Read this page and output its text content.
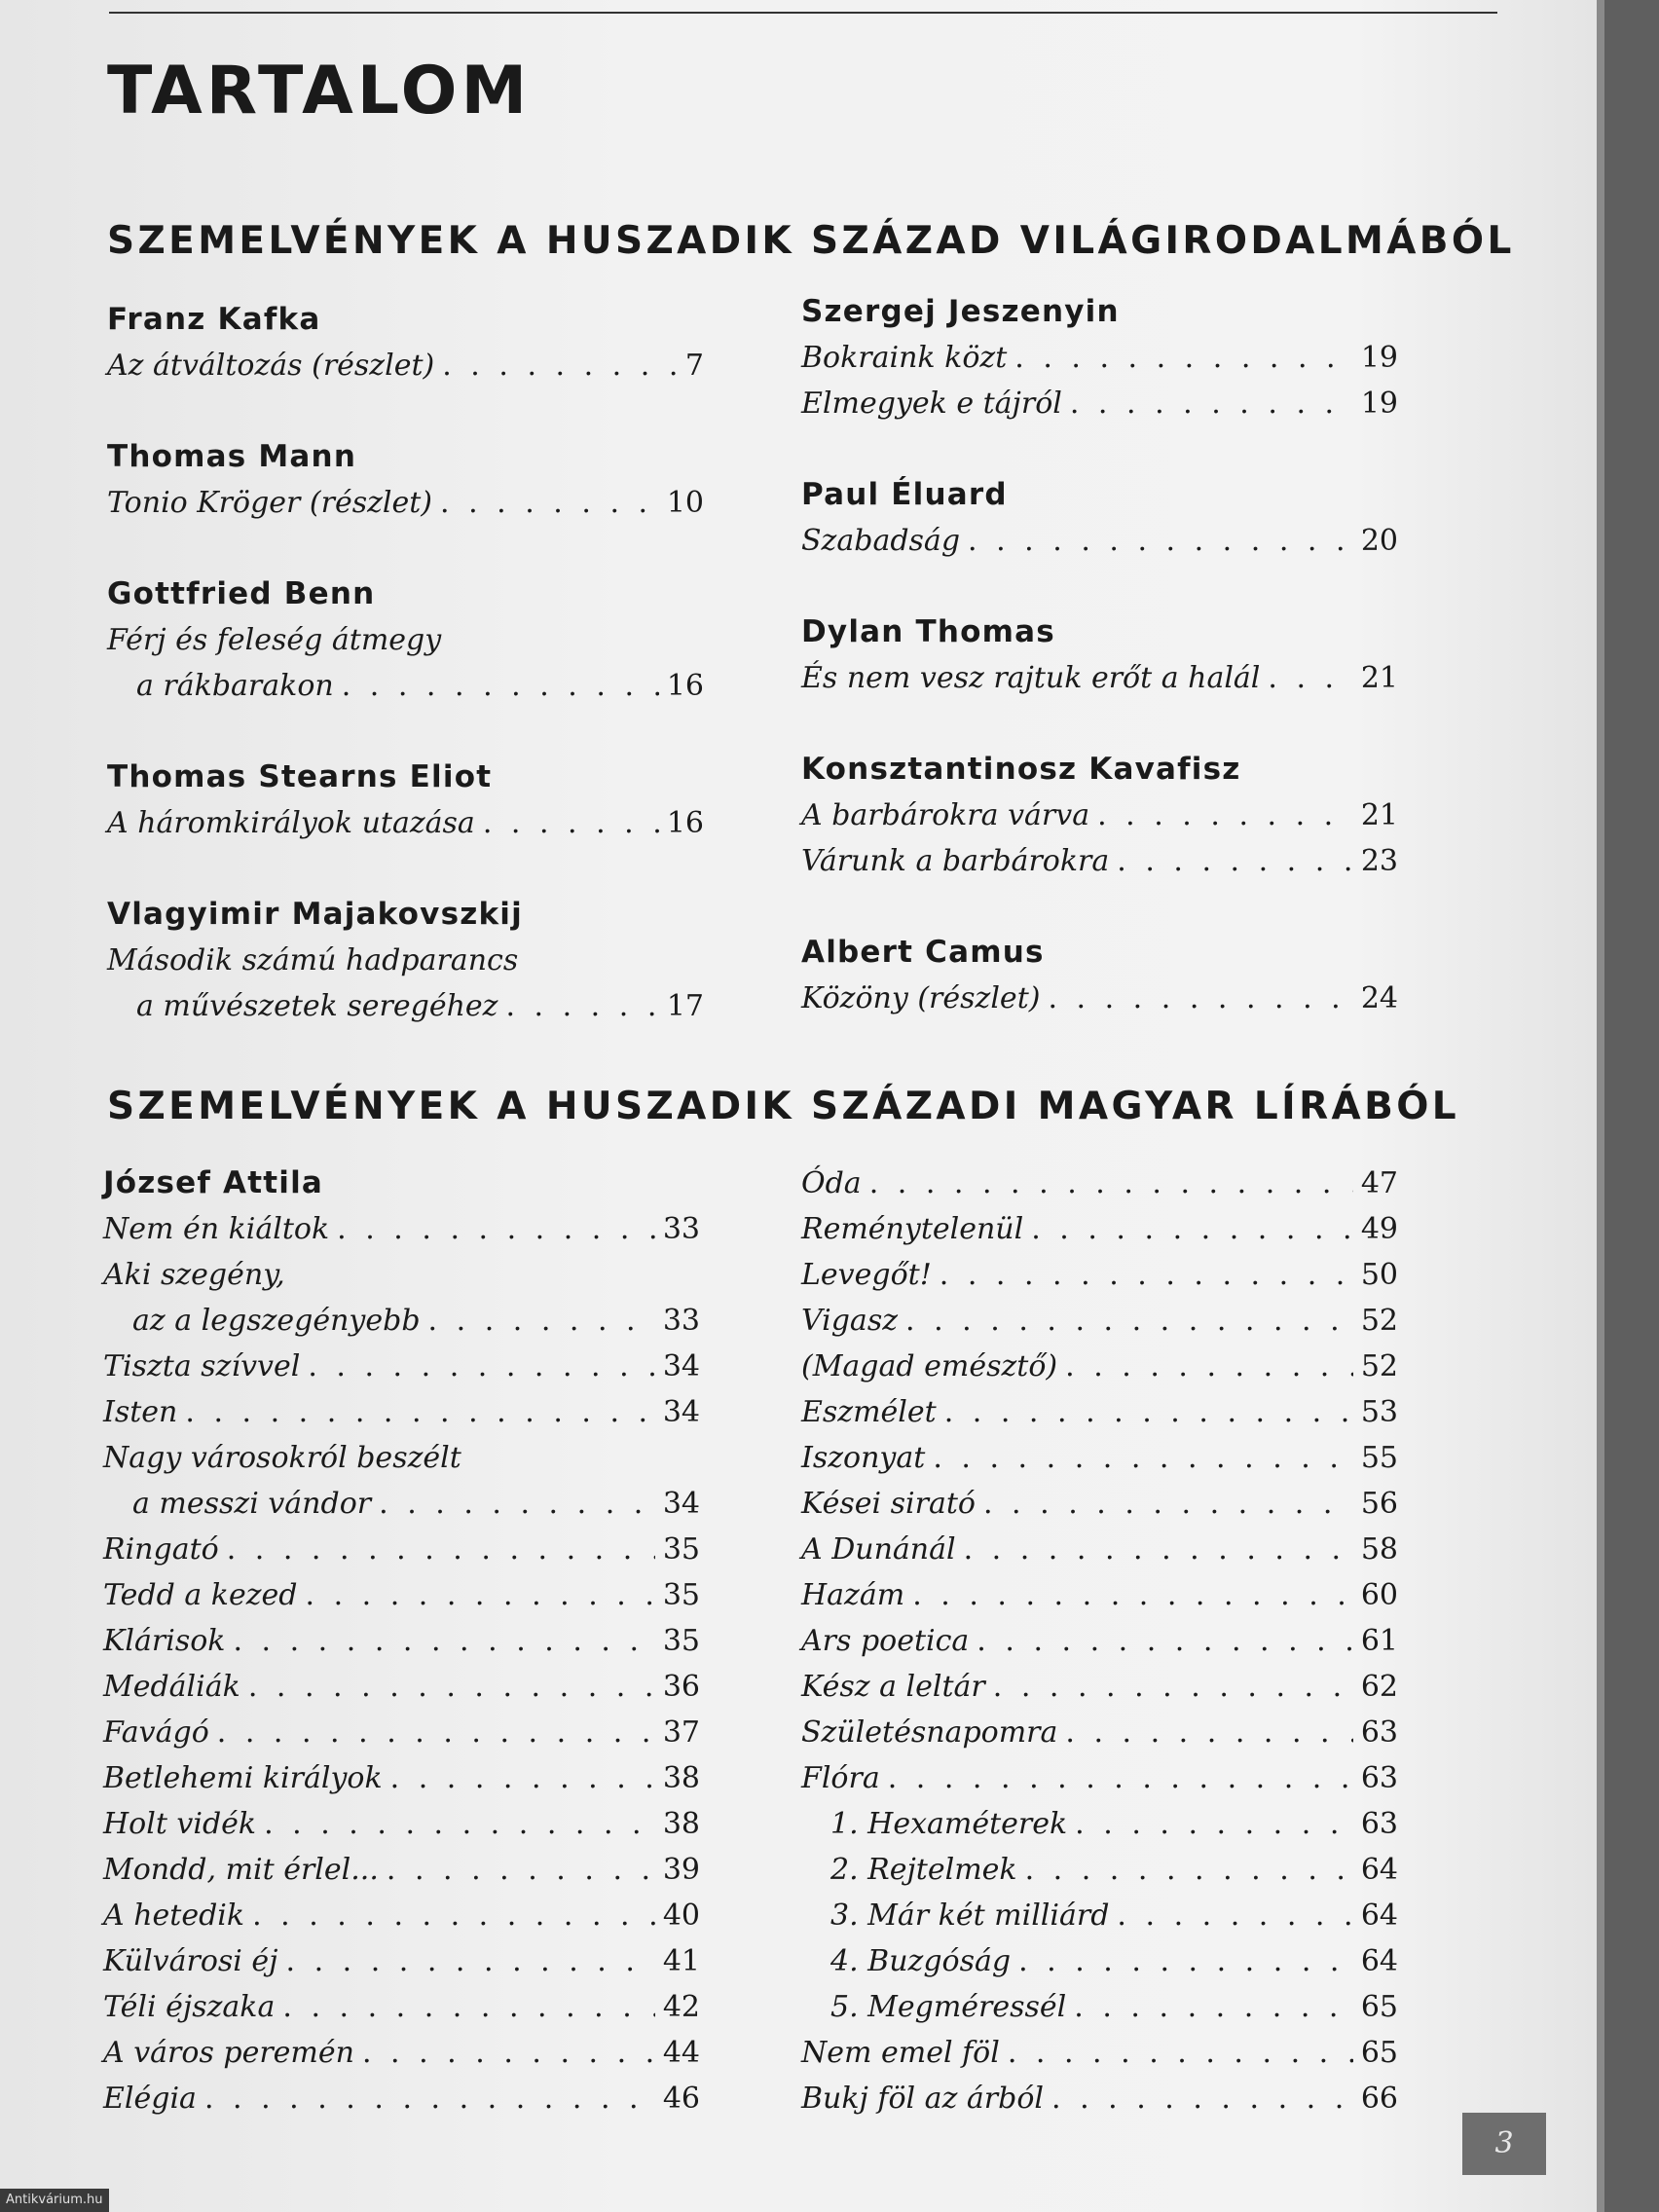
TARTALOM
SZEMELVÉNYEK A HUSZADIK SZÁZAD VILÁGIRODALMÁBÓL
Franz Kafka
Az átváltozás (részlet) . . .	7
Thomas Mann
Tonio Kröger (részlet) . . .	10
Gottfried Benn
Férj és feleség átmegy
a rákbarakon . . .	16
Thomas Stearns Eliot
A háromkirályok utazása . . .	16
Vlagyimir Majakovszkij
Második számú hadparancs
a művészetek seregéhez . . .	17
Szergej Jeszenyin
Bokraink közt . . .	19
Elmegyek e tájról . . .	19
Paul Éluard
Szabadság . . .	20
Dylan Thomas
És nem vesz rajtuk erőt a halál . . .	21
Konsztantinosz Kavafisz
A barbárokra várva . . .	21
Várunk a barbárokra . . .	23
Albert Camus
Közöny (részlet) . . .	24
SZEMELVÉNYEK A HUSZADIK SZÁZADI MAGYAR LÍRÁBÓL
József Attila
Nem én kiáltok . . .	33
Aki szegény,
az a legszegényebb . . .	33
Tiszta szívvel . . .	34
Isten . . .	34
Nagy városokról beszélt
a messzi vándor . . .	34
Ringató . . .	35
Tedd a kezed . . .	35
Klárisok . . .	35
Medáliák . . .	36
Favágó . . .	37
Betlehemi királyok . . .	38
Holt vidék . . .	38
Mondd, mit érlel... . . .	39
A hetedik . . .	40
Külvárosi éj . . .	41
Téli éjszaka . . .	42
A város peremén . . .	44
Elégia . . .	46
Óda . . .	47
Reménytelenül . . .	49
Levegőt! . . .	50
Vigasz . . .	52
(Magad emésztő) . . .	52
Eszmélet . . .	53
Iszonyat . . .	55
Kései sirató . . .	56
A Dunánál . . .	58
Hazám . . .	60
Ars poetica . . .	61
Kész a leltár . . .	62
Születésnapomra . . .	63
Flóra . . .	63
1. Hexaméterek . . .	63
2. Rejtelmek . . .	64
3. Már két milliárd . . .	64
4. Buzgóság . . .	64
5. Megméressél . . .	65
Nem emel föl . . .	65
Bukj föl az árból . . .	66
3
Antikvárium.hu
